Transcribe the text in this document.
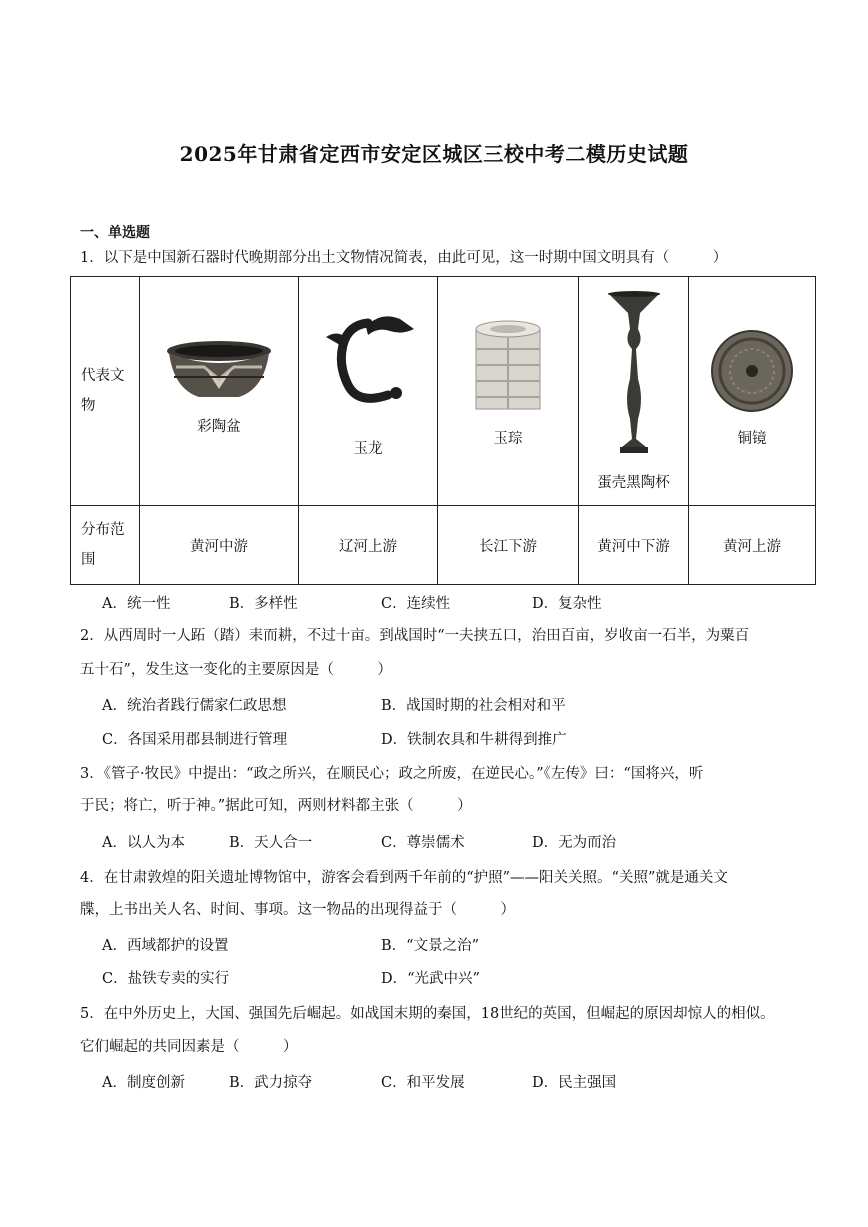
2025年甘肃省定西市安定区城区三校中考二模历史试题
一、单选题
1．以下是中国新石器时代晚期部分出土文物情况简表，由此可见，这一时期中国文明具有（　　　）
代表文物	彩陶盆	玉龙	玉琮	蛋壳黑陶杯	铜镜

分布范围	黄河中游	辽河上游	长江下游	黄河中下游	黄河上游
A．统一性	B．多样性	C．连续性	D．复杂性
2．从西周时一人跖（踏）耒而耕，不过十亩。到战国时“一夫挟五口，治田百亩，岁收亩一石半，为粟百
五十石”，发生这一变化的主要原因是（　　　）
A．统治者践行儒家仁政思想	B．战国时期的社会相对和平
C．各国采用郡县制进行管理	D．铁制农具和牛耕得到推广
3．《管子·牧民》中提出：“政之所兴，在顺民心；政之所废，在逆民心。”《左传》曰：“国将兴，听
于民；将亡，听于神。”据此可知，两则材料都主张（　　　）
A．以人为本	B．天人合一	C．尊崇儒术	D．无为而治
4．在甘肃敦煌的阳关遗址博物馆中，游客会看到两千年前的“护照”——阳关关照。“关照”就是通关文
牒，上书出关人名、时间、事项。这一物品的出现得益于（　　　）
A．西域都护的设置	B．“文景之治”
C．盐铁专卖的实行	D．“光武中兴”
5．在中外历史上，大国、强国先后崛起。如战国末期的秦国，18世纪的英国，但崛起的原因却惊人的相似。
它们崛起的共同因素是（　　　）
A．制度创新	B．武力掠夺	C．和平发展	D．民主强国
